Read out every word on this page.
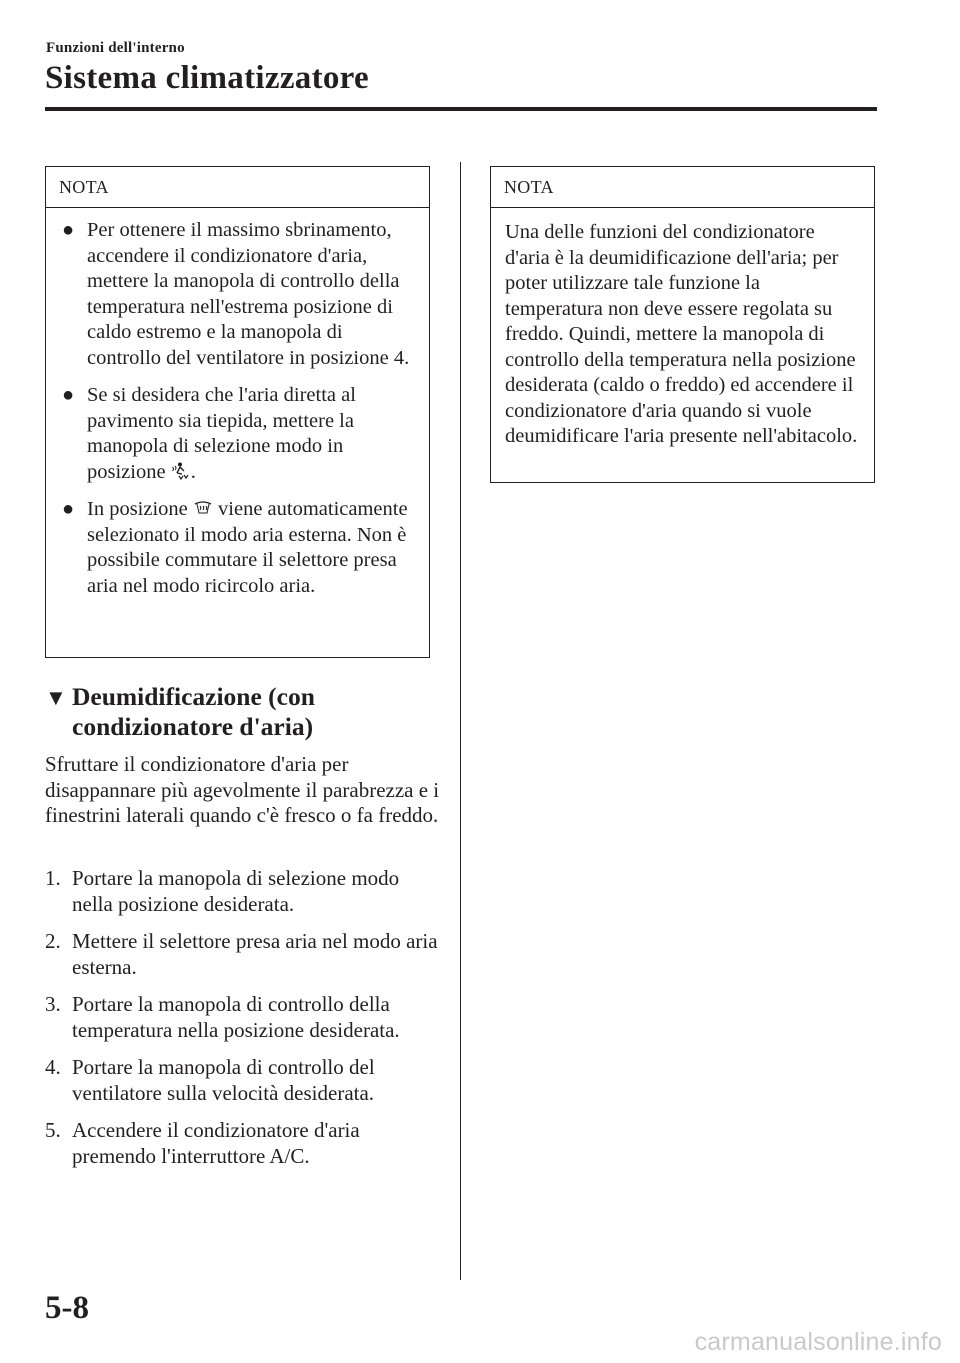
Funzioni dell'interno
Sistema climatizzatore
NOTA
● Per ottenere il massimo sbrinamento, accendere il condizionatore d'aria, mettere la manopola di controllo della temperatura nell'estrema posizione di caldo estremo e la manopola di controllo del ventilatore in posizione 4.
● Se si desidera che l'aria diretta al pavimento sia tiepida, mettere la manopola di selezione modo in posizione .
● In posizione viene automaticamente selezionato il modo aria esterna. Non è possibile commutare il selettore presa aria nel modo ricircolo aria.
NOTA
Una delle funzioni del condizionatore d'aria è la deumidificazione dell'aria; per poter utilizzare tale funzione la temperatura non deve essere regolata su freddo. Quindi, mettere la manopola di controllo della temperatura nella posizione desiderata (caldo o freddo) ed accendere il condizionatore d'aria quando si vuole deumidificare l'aria presente nell'abitacolo.
▼ Deumidificazione (con condizionatore d'aria)
Sfruttare il condizionatore d'aria per disappannare più agevolmente il parabrezza e i finestrini laterali quando c'è fresco o fa freddo.
1. Portare la manopola di selezione modo nella posizione desiderata.
2. Mettere il selettore presa aria nel modo aria esterna.
3. Portare la manopola di controllo della temperatura nella posizione desiderata.
4. Portare la manopola di controllo del ventilatore sulla velocità desiderata.
5. Accendere il condizionatore d'aria premendo l'interruttore A/C.
5-8
carmanualsonline.info
